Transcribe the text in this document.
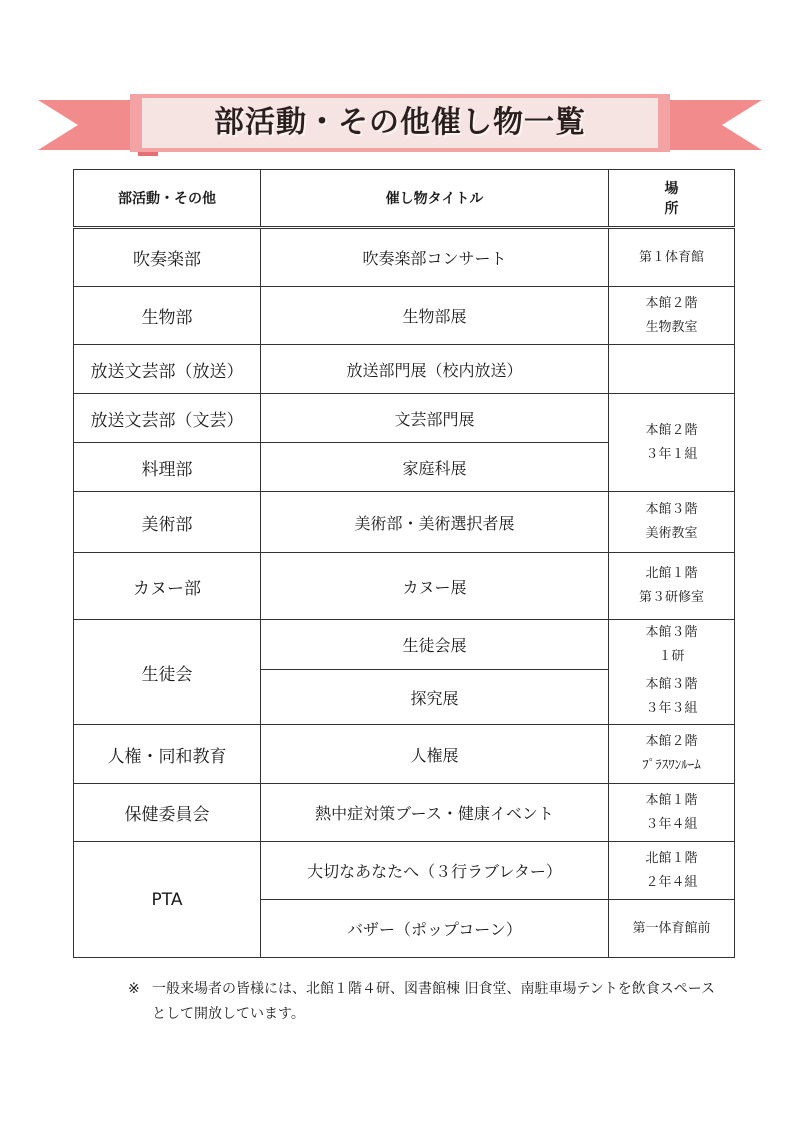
部活動・その他催し物一覧
部活動・その他	催し物タイトル	場　所
吹奏楽部	吹奏楽部コンサート	第１体育館

生物部	生物部展	本館２階
生物教室

放送文芸部（放送）	放送部門展（校内放送）	
放送文芸部（文芸）	文芸部門展	本館２階
３年１組

料理部	家庭科展	
美術部	美術部・美術選択者展	本館３階
美術教室

カヌー部	カヌー展	北館１階
第３研修室

生徒会	生徒会展	本館３階
１研

	探究展	本館３階
３年３組

人権・同和教育	人権展	本館２階
ﾌﾟﾗｽﾜﾝﾙｰﾑ

保健委員会	熱中症対策ブース・健康イベント	本館１階
３年４組

PTA	大切なあなたへ（３行ラブレター）	北館１階
２年４組

	バザー（ポップコーン）	第一体育館前
※ 一般来場者の皆様には、北館１階４研、図書館棟 旧食堂、南駐車場テントを飲食スペースとして開放しています。
